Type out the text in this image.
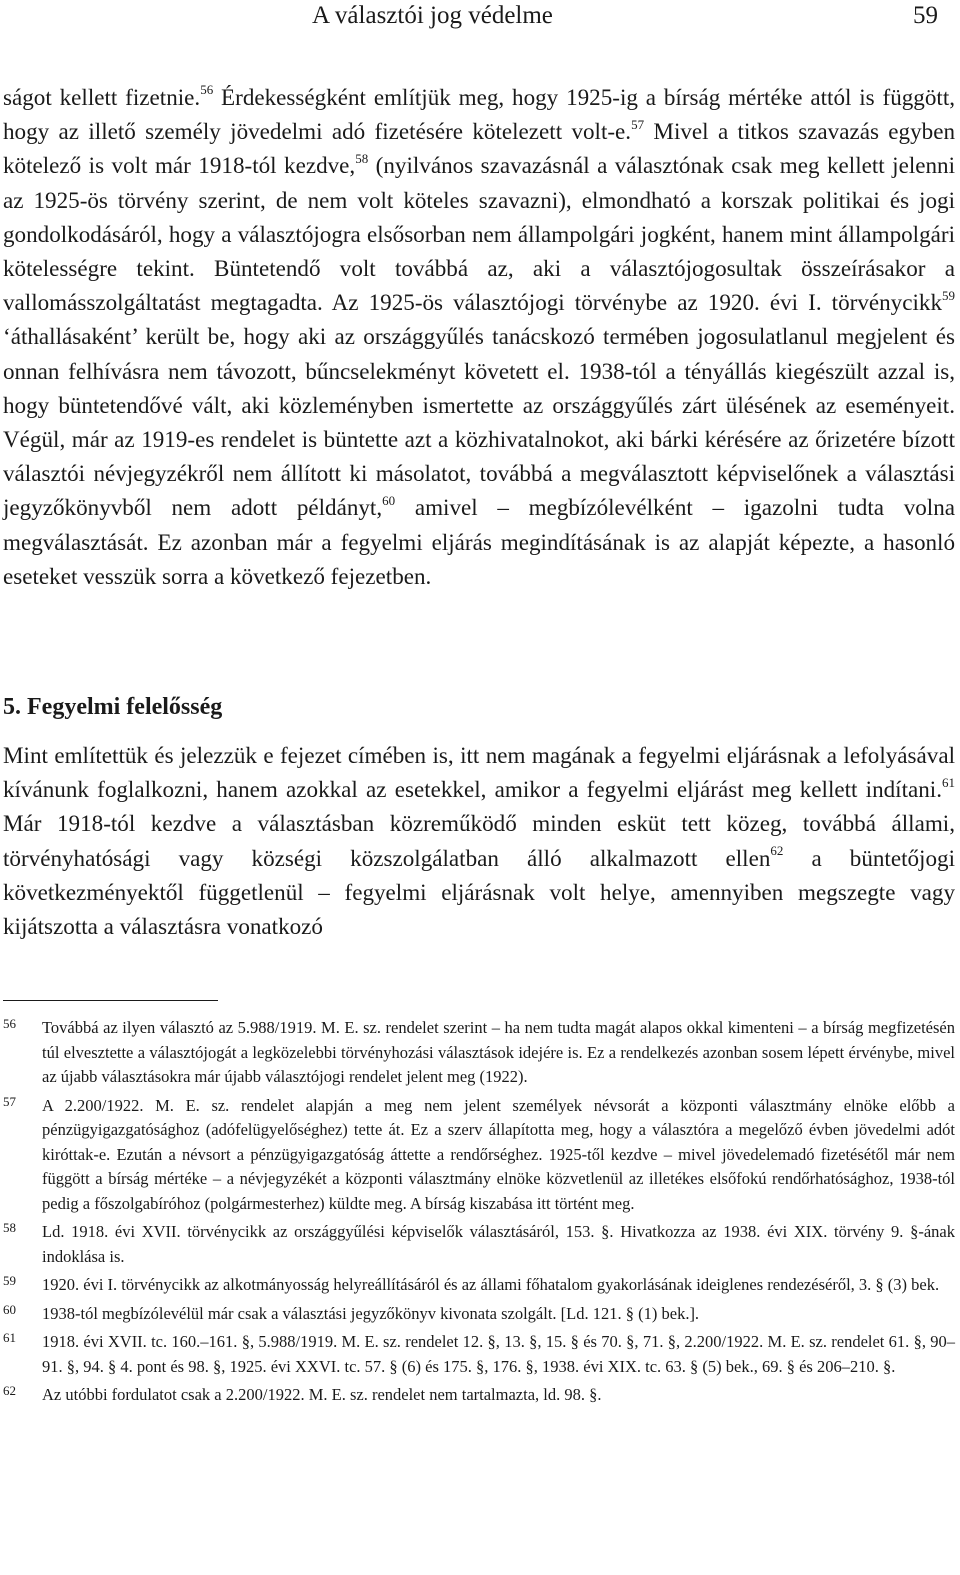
A választói jog védelme	59

ságot kellett fizetnie.$^{56}$ Érdekességként említjük meg, hogy 1925-ig a bírság mértéke attól is függött, hogy az illető személy jövedelmi adó fizetésére kötelezett volt-e.$^{57}$ Mivel a titkos szavazás egyben kötelező is volt már 1918-tól kezdve,$^{58}$ (nyilvános szavazásnál a választónak csak meg kellett jelenni az 1925-ös törvény szerint, de nem volt köteles szavazni), elmondható a korszak politikai és jogi gondolkodásáról, hogy a választójogra elsősorban nem állampolgári jogként, hanem mint állampolgári kötelességre tekint. Büntetendő volt továbbá az, aki a választójogosultak összeírásakor a vallomásszolgáltatást megtagadta. Az 1925-ös választójogi törvénybe az 1920. évi I. törvénycikk$^{59}$ ‘áthallásaként’ került be, hogy aki az országgyűlés tanácskozó termében jogosulatlanul megjelent és onnan felhívásra nem távozott, bűncselekményt követett el. 1938-tól a tényállás kiegészült azzal is, hogy büntetendővé vált, aki közleményben ismertette az országgyűlés zárt ülésének az eseményeit. Végül, már az 1919-es rendelet is büntette azt a közhivatalnokot, aki bárki kérésére az őrizetére bízott választói névjegyzékről nem állított ki másolatot, továbbá a megválasztott képviselőnek a választási jegyzőkönyvből nem adott példányt,$^{60}$ amivel – megbízólevélként – igazolni tudta volna megválasztását. Ez azonban már a fegyelmi eljárás megindításának is az alapját képezte, a hasonló eseteket vesszük sorra a következő fejezetben.

5. Fegyelmi felelősség

Mint említettük és jelezzük e fejezet címében is, itt nem magának a fegyelmi eljárásnak a lefolyásával kívánunk foglalkozni, hanem azokkal az esetekkel, amikor a fegyelmi eljárást meg kellett indítani.$^{61}$ Már 1918-tól kezdve a választásban közreműködő minden esküt tett közeg, továbbá állami, törvényhatósági vagy községi közszolgálatban álló alkalmazott ellen$^{62}$ a büntetőjogi következményektől függetlenül – fegyelmi eljárásnak volt helye, amennyiben megszegte vagy kijátszotta a választásra vonatkozó

56 Továbbá az ilyen választó az 5.988/1919. M. E. sz. rendelet szerint – ha nem tudta magát alapos okkal kimenteni – a bírság megfizetésén túl elvesztette a választójogát a legközelebbi törvényhozási választások idejére is. Ez a rendelkezés azonban sosem lépett érvénybe, mivel az újabb választásokra már újabb választójogi rendelet jelent meg (1922).
57 A 2.200/1922. M. E. sz. rendelet alapján a meg nem jelent személyek névsorát a központi választmány elnöke előbb a pénzügyigazgatósághoz (adófelügyelőséghez) tette át. Ez a szerv állapította meg, hogy a választóra a megelőző évben jövedelmi adót kiróttak-e. Ezután a névsort a pénzügyigazgatóság áttette a rendőrséghez. 1925-től kezdve – mivel jövedelemadó fizetésétől már nem függött a bírság mértéke – a névjegyzékét a központi választmány elnöke közvetlenül az illetékes elsőfokú rendőrhatósághoz, 1938-tól pedig a főszolgabíróhoz (polgármesterhez) küldte meg. A bírság kiszabása itt történt meg.
58 Ld. 1918. évi XVII. törvénycikk az országgyűlési képviselők választásáról, 153. §. Hivatkozza az 1938. évi XIX. törvény 9. §-ának indoklása is.
59 1920. évi I. törvénycikk az alkotmányosság helyreállításáról és az állami főhatalom gyakorlásának ideiglenes rendezéséről, 3. § (3) bek.
60 1938-tól megbízólevélül már csak a választási jegyzőkönyv kivonata szolgált. [Ld. 121. § (1) bek.].
61 1918. évi XVII. tc. 160.–161. §, 5.988/1919. M. E. sz. rendelet 12. §, 13. §, 15. § és 70. §, 71. §, 2.200/1922. M. E. sz. rendelet 61. §, 90–91. §, 94. § 4. pont és 98. §, 1925. évi XXVI. tc. 57. § (6) és 175. §, 176. §, 1938. évi XIX. tc. 63. § (5) bek., 69. § és 206–210. §.
62 Az utóbbi fordulatot csak a 2.200/1922. M. E. sz. rendelet nem tartalmazta, ld. 98. §.
